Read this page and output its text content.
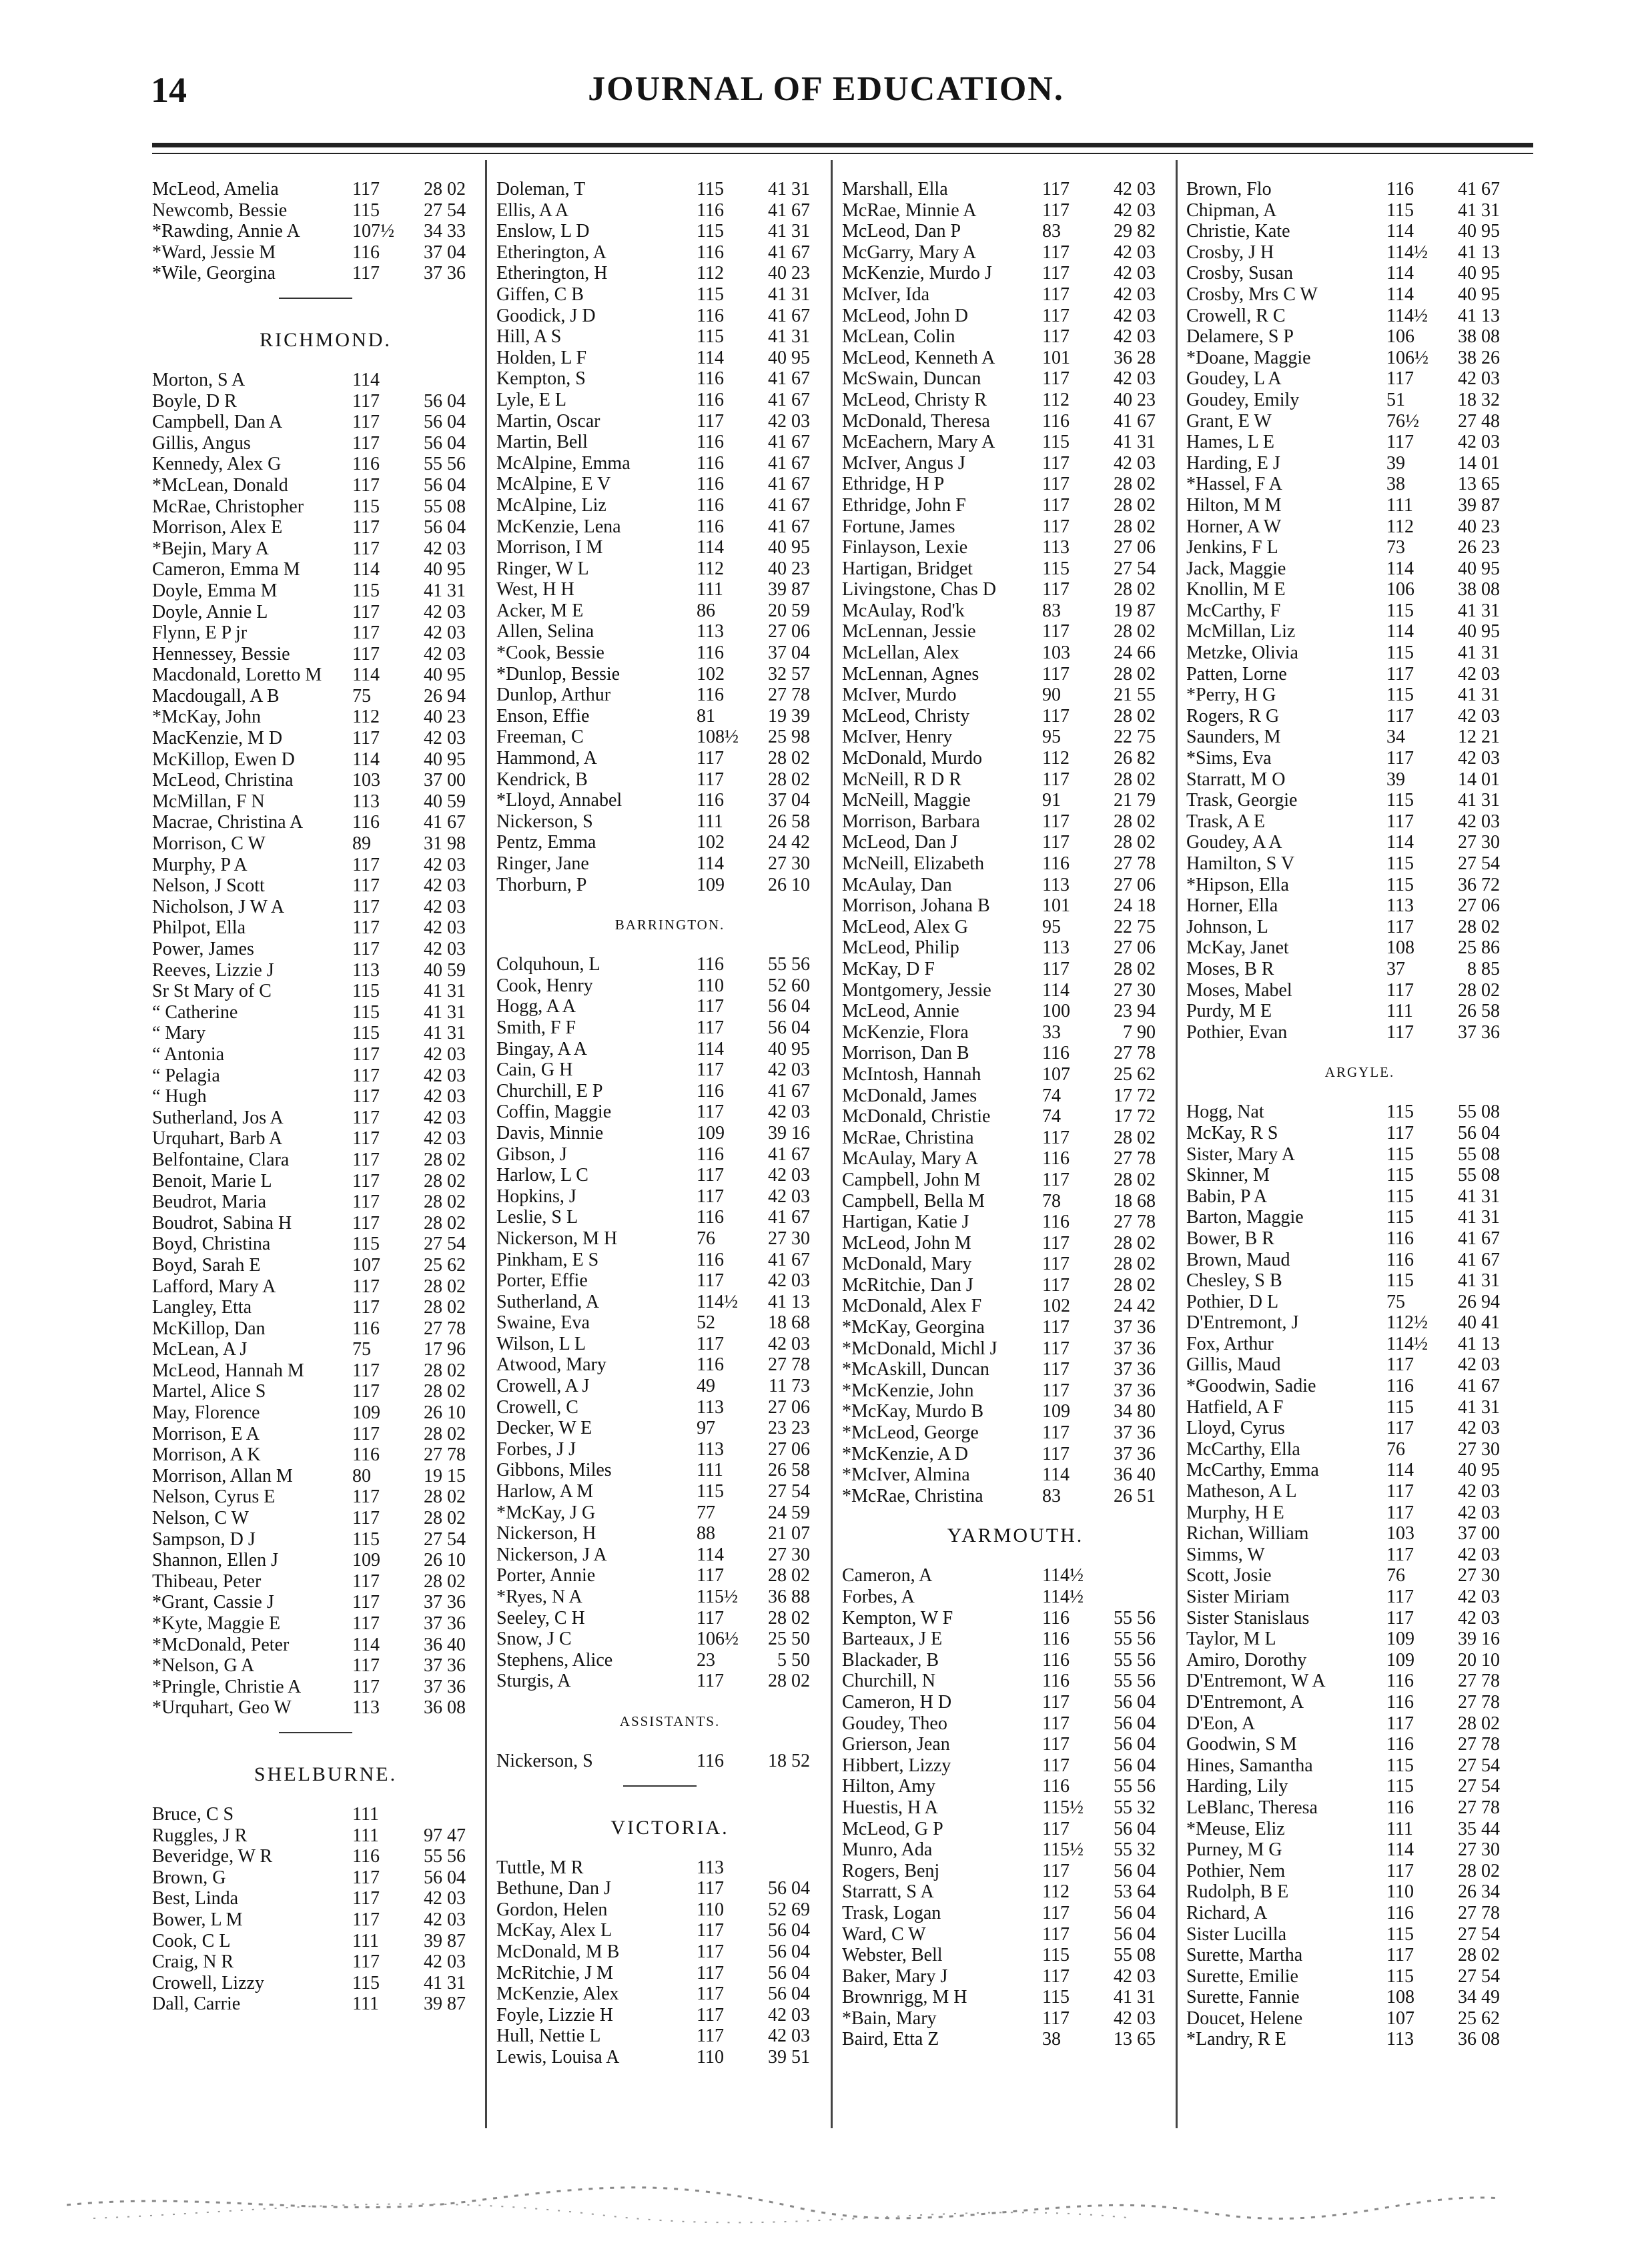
14	JOURNAL OF EDUCATION.
McLeod, Amelia	117	28 02
Newcomb, Bessie	115	27 54
*Rawding, Annie A	107½	34 33
*Ward, Jessie M	116	37 04
*Wile, Georgina	117	37 36
RICHMOND.
Morton, S A	114
Boyle, D R	117	56 04
Campbell, Dan A	117	56 04
Gillis, Angus	117	56 04
Kennedy, Alex G	116	55 56
*McLean, Donald	117	56 04
McRae, Christopher	115	55 08
Morrison, Alex E	117	56 04
*Bejin, Mary A	117	42 03
Cameron, Emma M	114	40 95
Doyle, Emma M	115	41 31
Doyle, Annie L	117	42 03
Flynn, E P jr	117	42 03
Hennessey, Bessie	117	42 03
Macdonald, Loretto M	114	40 95
Macdougall, A B	75	26 94
*McKay, John	112	40 23
MacKenzie, M D	117	42 03
McKillop, Ewen D	114	40 95
McLeod, Christina	103	37 00
McMillan, F N	113	40 59
Macrae, Christina A	116	41 67
Morrison, C W	89	31 98
Murphy, P A	117	42 03
Nelson, J Scott	117	42 03
Nicholson, J W A	117	42 03
Philpot, Ella	117	42 03
Power, James	117	42 03
Reeves, Lizzie J	113	40 59
Sr St Mary of C	115	41 31
“ Catherine	115	41 31
“ Mary	115	41 31
“ Antonia	117	42 03
“ Pelagia	117	42 03
“ Hugh	117	42 03
Sutherland, Jos A	117	42 03
Urquhart, Barb A	117	42 03
Belfontaine, Clara	117	28 02
Benoit, Marie L	117	28 02
Beudrot, Maria	117	28 02
Boudrot, Sabina H	117	28 02
Boyd, Christina	115	27 54
Boyd, Sarah E	107	25 62
Lafford, Mary A	117	28 02
Langley, Etta	117	28 02
McKillop, Dan	116	27 78
McLean, A J	75	17 96
McLeod, Hannah M	117	28 02
Martel, Alice S	117	28 02
May, Florence	109	26 10
Morrison, E A	117	28 02
Morrison, A K	116	27 78
Morrison, Allan M	80	19 15
Nelson, Cyrus E	117	28 02
Nelson, C W	117	28 02
Sampson, D J	115	27 54
Shannon, Ellen J	109	26 10
Thibeau, Peter	117	28 02
*Grant, Cassie J	117	37 36
*Kyte, Maggie E	117	37 36
*McDonald, Peter	114	36 40
*Nelson, G A	117	37 36
*Pringle, Christie A	117	37 36
*Urquhart, Geo W	113	36 08
SHELBURNE.
Bruce, C S	111
Ruggles, J R	111	97 47
Beveridge, W R	116	55 56
Brown, G	117	56 04
Best, Linda	117	42 03
Bower, L M	117	42 03
Cook, C L	111	39 87
Craig, N R	117	42 03
Crowell, Lizzy	115	41 31
Dall, Carrie	111	39 87
Doleman, T	115	41 31
Ellis, A A	116	41 67
Enslow, L D	115	41 31
Etherington, A	116	41 67
Etherington, H	112	40 23
Giffen, C B	115	41 31
Goodick, J D	116	41 67
Hill, A S	115	41 31
Holden, L F	114	40 95
Kempton, S	116	41 67
Lyle, E L	116	41 67
Martin, Oscar	117	42 03
Martin, Bell	116	41 67
McAlpine, Emma	116	41 67
McAlpine, E V	116	41 67
McAlpine, Liz	116	41 67
McKenzie, Lena	116	41 67
Morrison, I M	114	40 95
Ringer, W L	112	40 23
West, H H	111	39 87
Acker, M E	86	20 59
Allen, Selina	113	27 06
*Cook, Bessie	116	37 04
*Dunlop, Bessie	102	32 57
Dunlop, Arthur	116	27 78
Enson, Effie	81	19 39
Freeman, C	108½	25 98
Hammond, A	117	28 02
Kendrick, B	117	28 02
*Lloyd, Annabel	116	37 04
Nickerson, S	111	26 58
Pentz, Emma	102	24 42
Ringer, Jane	114	27 30
Thorburn, P	109	26 10
BARRINGTON.
Colquhoun, L	116	55 56
Cook, Henry	110	52 60
Hogg, A A	117	56 04
Smith, F F	117	56 04
Bingay, A A	114	40 95
Cain, G H	117	42 03
Churchill, E P	116	41 67
Coffin, Maggie	117	42 03
Davis, Minnie	109	39 16
Gibson, J	116	41 67
Harlow, L C	117	42 03
Hopkins, J	117	42 03
Leslie, S L	116	41 67
Nickerson, M H	76	27 30
Pinkham, E S	116	41 67
Porter, Effie	117	42 03
Sutherland, A	114½	41 13
Swaine, Eva	52	18 68
Wilson, L L	117	42 03
Atwood, Mary	116	27 78
Crowell, A J	49	11 73
Crowell, C	113	27 06
Decker, W E	97	23 23
Forbes, J J	113	27 06
Gibbons, Miles	111	26 58
Harlow, A M	115	27 54
*McKay, J G	77	24 59
Nickerson, H	88	21 07
Nickerson, J A	114	27 30
Porter, Annie	117	28 02
*Ryes, N A	115½	36 88
Seeley, C H	117	28 02
Snow, J C	106½	25 50
Stephens, Alice	23	5 50
Sturgis, A	117	28 02
ASSISTANTS.
Nickerson, S	116	18 52
VICTORIA.
Tuttle, M R	113
Bethune, Dan J	117	56 04
Gordon, Helen	110	52 69
McKay, Alex L	117	56 04
McDonald, M B	117	56 04
McRitchie, J M	117	56 04
McKenzie, Alex	117	56 04
Foyle, Lizzie H	117	42 03
Hull, Nettie L	117	42 03
Lewis, Louisa A	110	39 51
Marshall, Ella	117	42 03
McRae, Minnie A	117	42 03
McLeod, Dan P	83	29 82
McGarry, Mary A	117	42 03
McKenzie, Murdo J	117	42 03
McIver, Ida	117	42 03
McLeod, John D	117	42 03
McLean, Colin	117	42 03
McLeod, Kenneth A	101	36 28
McSwain, Duncan	117	42 03
McLeod, Christy R	112	40 23
McDonald, Theresa	116	41 67
McEachern, Mary A	115	41 31
McIver, Angus J	117	42 03
Ethridge, H P	117	28 02
Ethridge, John F	117	28 02
Fortune, James	117	28 02
Finlayson, Lexie	113	27 06
Hartigan, Bridget	115	27 54
Livingstone, Chas D	117	28 02
McAulay, Rod'k	83	19 87
McLennan, Jessie	117	28 02
McLellan, Alex	103	24 66
McLennan, Agnes	117	28 02
McIver, Murdo	90	21 55
McLeod, Christy	117	28 02
McIver, Henry	95	22 75
McDonald, Murdo	112	26 82
McNeill, R D R	117	28 02
McNeill, Maggie	91	21 79
Morrison, Barbara	117	28 02
McLeod, Dan J	117	28 02
McNeill, Elizabeth	116	27 78
McAulay, Dan	113	27 06
Morrison, Johana B	101	24 18
McLeod, Alex G	95	22 75
McLeod, Philip	113	27 06
McKay, D F	117	28 02
Montgomery, Jessie	114	27 30
McLeod, Annie	100	23 94
McKenzie, Flora	33	7 90
Morrison, Dan B	116	27 78
McIntosh, Hannah	107	25 62
McDonald, James	74	17 72
McDonald, Christie	74	17 72
McRae, Christina	117	28 02
McAulay, Mary A	116	27 78
Campbell, John M	117	28 02
Campbell, Bella M	78	18 68
Hartigan, Katie J	116	27 78
McLeod, John M	117	28 02
McDonald, Mary	117	28 02
McRitchie, Dan J	117	28 02
McDonald, Alex F	102	24 42
*McKay, Georgina	117	37 36
*McDonald, Michl J	117	37 36
*McAskill, Duncan	117	37 36
*McKenzie, John	117	37 36
*McKay, Murdo B	109	34 80
*McLeod, George	117	37 36
*McKenzie, A D	117	37 36
*McIver, Almina	114	36 40
*McRae, Christina	83	26 51
YARMOUTH.
Cameron, A	114½
Forbes, A	114½
Kempton, W F	116	55 56
Barteaux, J E	116	55 56
Blackader, B	116	55 56
Churchill, N	116	55 56
Cameron, H D	117	56 04
Goudey, Theo	117	56 04
Grierson, Jean	117	56 04
Hibbert, Lizzy	117	56 04
Hilton, Amy	116	55 56
Huestis, H A	115½	55 32
McLeod, G P	117	56 04
Munro, Ada	115½	55 32
Rogers, Benj	117	56 04
Starratt, S A	112	53 64
Trask, Logan	117	56 04
Ward, C W	117	56 04
Webster, Bell	115	55 08
Baker, Mary J	117	42 03
Brownrigg, M H	115	41 31
*Bain, Mary	117	42 03
Baird, Etta Z	38	13 65
Brown, Flo	116	41 67
Chipman, A	115	41 31
Christie, Kate	114	40 95
Crosby, J H	114½	41 13
Crosby, Susan	114	40 95
Crosby, Mrs C W	114	40 95
Crowell, R C	114½	41 13
Delamere, S P	106	38 08
*Doane, Maggie	106½	38 26
Goudey, L A	117	42 03
Goudey, Emily	51	18 32
Grant, E W	76½	27 48
Hames, L E	117	42 03
Harding, E J	39	14 01
*Hassel, F A	38	13 65
Hilton, M M	111	39 87
Horner, A W	112	40 23
Jenkins, F L	73	26 23
Jack, Maggie	114	40 95
Knollin, M E	106	38 08
McCarthy, F	115	41 31
McMillan, Liz	114	40 95
Metzke, Olivia	115	41 31
Patten, Lorne	117	42 03
*Perry, H G	115	41 31
Rogers, R G	117	42 03
Saunders, M	34	12 21
*Sims, Eva	117	42 03
Starratt, M O	39	14 01
Trask, Georgie	115	41 31
Trask, A E	117	42 03
Goudey, A A	114	27 30
Hamilton, S V	115	27 54
*Hipson, Ella	115	36 72
Horner, Ella	113	27 06
Johnson, L	117	28 02
McKay, Janet	108	25 86
Moses, B R	37	8 85
Moses, Mabel	117	28 02
Purdy, M E	111	26 58
Pothier, Evan	117	37 36
ARGYLE.
Hogg, Nat	115	55 08
McKay, R S	117	56 04
Sister, Mary A	115	55 08
Skinner, M	115	55 08
Babin, P A	115	41 31
Barton, Maggie	115	41 31
Bower, B R	116	41 67
Brown, Maud	116	41 67
Chesley, S B	115	41 31
Pothier, D L	75	26 94
D'Entremont, J	112½	40 41
Fox, Arthur	114½	41 13
Gillis, Maud	117	42 03
*Goodwin, Sadie	116	41 67
Hatfield, A F	115	41 31
Lloyd, Cyrus	117	42 03
McCarthy, Ella	76	27 30
McCarthy, Emma	114	40 95
Matheson, A L	117	42 03
Murphy, H E	117	42 03
Richan, William	103	37 00
Simms, W	117	42 03
Scott, Josie	76	27 30
Sister Miriam	117	42 03
Sister Stanislaus	117	42 03
Taylor, M L	109	39 16
Amiro, Dorothy	109	20 10
D'Entremont, W A	116	27 78
D'Entremont, A	116	27 78
D'Eon, A	117	28 02
Goodwin, S M	116	27 78
Hines, Samantha	115	27 54
Harding, Lily	115	27 54
LeBlanc, Theresa	116	27 78
*Meuse, Eliz	111	35 44
Purney, M G	114	27 30
Pothier, Nem	117	28 02
Rudolph, B E	110	26 34
Richard, A	116	27 78
Sister Lucilla	115	27 54
Surette, Martha	117	28 02
Surette, Emilie	115	27 54
Surette, Fannie	108	34 49
Doucet, Helene	107	25 62
*Landry, R E	113	36 08
